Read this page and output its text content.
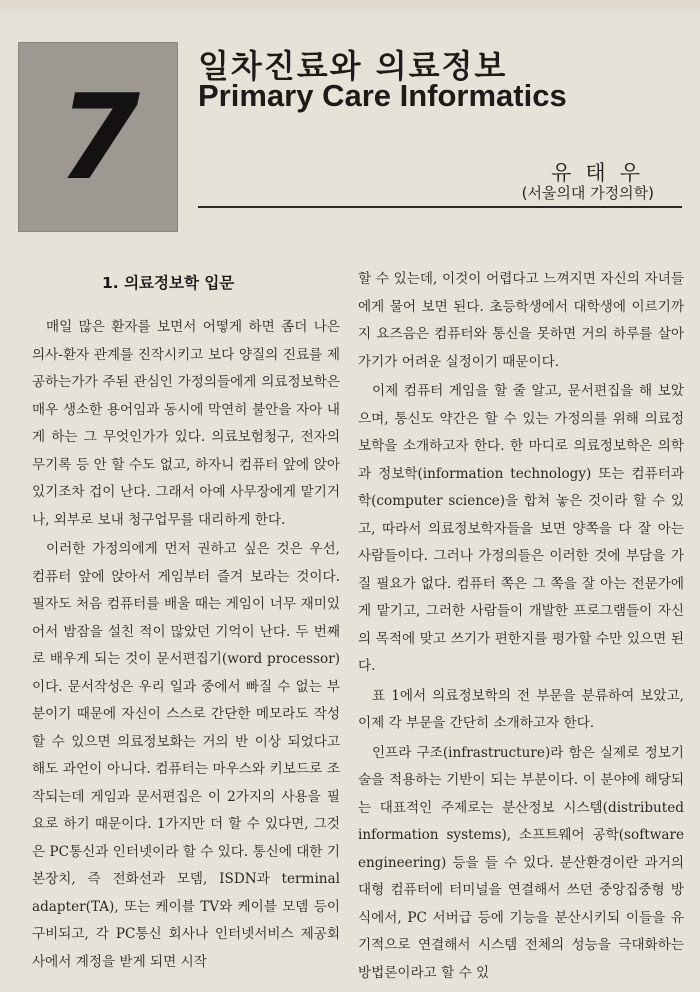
7
일차진료와 의료정보
Primary Care Informatics
유태우
(서울의대 가정의학)
1. 의료정보학 입문

매일 많은 환자를 보면서 어떻게 하면 좀더 나은 의사-환자 관계를 진작시키고 보다 양질의 진료를 제공하는가가 주된 관심인 가정의들에게 의료정보학은 매우 생소한 용어임과 동시에 막연히 불안을 자아 내게 하는 그 무엇인가가 있다. 의료보험청구, 전자의무기록 등 안 할 수도 없고, 하자니 컴퓨터 앞에 앉아 있기조차 겁이 난다. 그래서 아예 사무장에게 맡기거나, 외부로 보내 청구업무를 대리하게 한다.

이러한 가정의에게 먼저 권하고 싶은 것은 우선, 컴퓨터 앞에 앉아서 게임부터 즐겨 보라는 것이다. 필자도 처음 컴퓨터를 배울 때는 게임이 너무 재미있어서 밤잠을 설친 적이 많았던 기억이 난다. 두 번째로 배우게 되는 것이 문서편집기(word processor)이다. 문서작성은 우리 일과 중에서 빠질 수 없는 부분이기 때문에 자신이 스스로 간단한 메모라도 작성할 수 있으면 의료정보화는 거의 반 이상 되었다고 해도 과언이 아니다. 컴퓨터는 마우스와 키보드로 조작되는데 게임과 문서편집은 이 2가지의 사용을 필요로 하기 때문이다. 1가지만 더 할 수 있다면, 그것은 PC통신과 인터넷이라 할 수 있다. 통신에 대한 기본장치, 즉 전화선과 모뎀, ISDN과 terminal adapter(TA), 또는 케이블 TV와 케이블 모뎀 등이 구비되고, 각 PC통신 회사나 인터넷서비스 제공회사에서 계정을 받게 되면 시작

할 수 있는데, 이것이 어렵다고 느껴지면 자신의 자녀들에게 물어 보면 된다. 초등학생에서 대학생에 이르기까지 요즈음은 컴퓨터와 통신을 못하면 거의 하루를 살아가기가 어려운 실정이기 때문이다.

이제 컴퓨터 게임을 할 줄 알고, 문서편집을 해 보았으며, 통신도 약간은 할 수 있는 가정의를 위해 의료정보학을 소개하고자 한다. 한 마디로 의료정보학은 의학과 정보학(information technology) 또는 컴퓨터과학(computer science)을 합쳐 놓은 것이라 할 수 있고, 따라서 의료정보학자들을 보면 양쪽을 다 잘 아는 사람들이다. 그러나 가정의들은 이러한 것에 부담을 가질 필요가 없다. 컴퓨터 쪽은 그 쪽을 잘 아는 전문가에게 맡기고, 그러한 사람들이 개발한 프로그램들이 자신의 목적에 맞고 쓰기가 편한지를 평가할 수만 있으면 된다.

표 1에서 의료정보학의 전 부문을 분류하여 보았고, 이제 각 부문을 간단히 소개하고자 한다.

인프라 구조(infrastructure)라 함은 실제로 정보기술을 적용하는 기반이 되는 부분이다. 이 분야에 해당되는 대표적인 주제로는 분산정보 시스템(distributed information systems), 소프트웨어 공학(software engineering) 등을 들 수 있다. 분산환경이란 과거의 대형 컴퓨터에 터미널을 연결해서 쓰던 중앙집중형 방식에서, PC 서버급 등에 기능을 분산시키되 이들을 유기적으로 연결해서 시스템 전체의 성능을 극대화하는 방법론이라고 할 수 있
